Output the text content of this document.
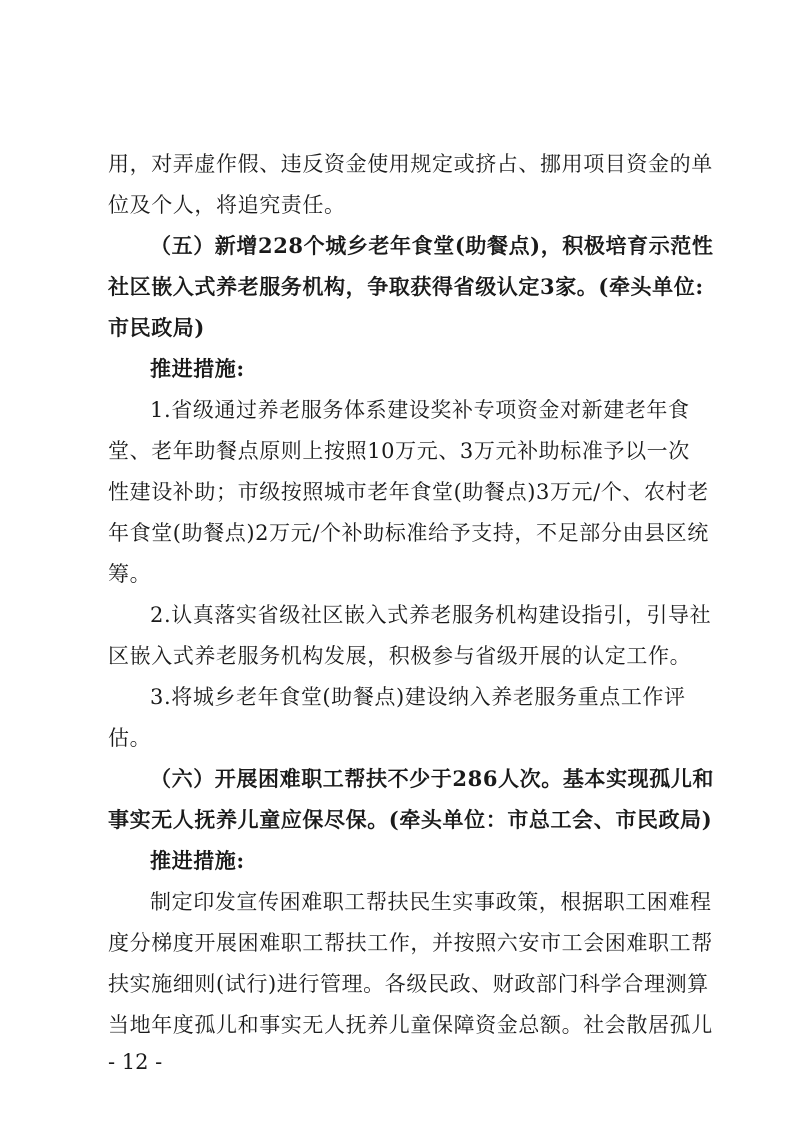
用，对弄虚作假、违反资金使用规定或挤占、挪用项目资金的单
位及个人，将追究责任。
（五）新增228个城乡老年食堂(助餐点)，积极培育示范性
社区嵌入式养老服务机构，争取获得省级认定3家。(牵头单位:
市民政局)
推进措施:
1.省级通过养老服务体系建设奖补专项资金对新建老年食
堂、老年助餐点原则上按照10万元、3万元补助标准予以一次
性建设补助；市级按照城市老年食堂(助餐点)3万元/个、农村老
年食堂(助餐点)2万元/个补助标准给予支持，不足部分由县区统
筹。
2.认真落实省级社区嵌入式养老服务机构建设指引，引导社
区嵌入式养老服务机构发展，积极参与省级开展的认定工作。
3.将城乡老年食堂(助餐点)建设纳入养老服务重点工作评
估。
（六）开展困难职工帮扶不少于286人次。基本实现孤儿和
事实无人抚养儿童应保尽保。(牵头单位：市总工会、市民政局)
推进措施:
制定印发宣传困难职工帮扶民生实事政策，根据职工困难程
度分梯度开展困难职工帮扶工作，并按照六安市工会困难职工帮
扶实施细则(试行)进行管理。各级民政、财政部门科学合理测算
当地年度孤儿和事实无人抚养儿童保障资金总额。社会散居孤儿
- 12 -
